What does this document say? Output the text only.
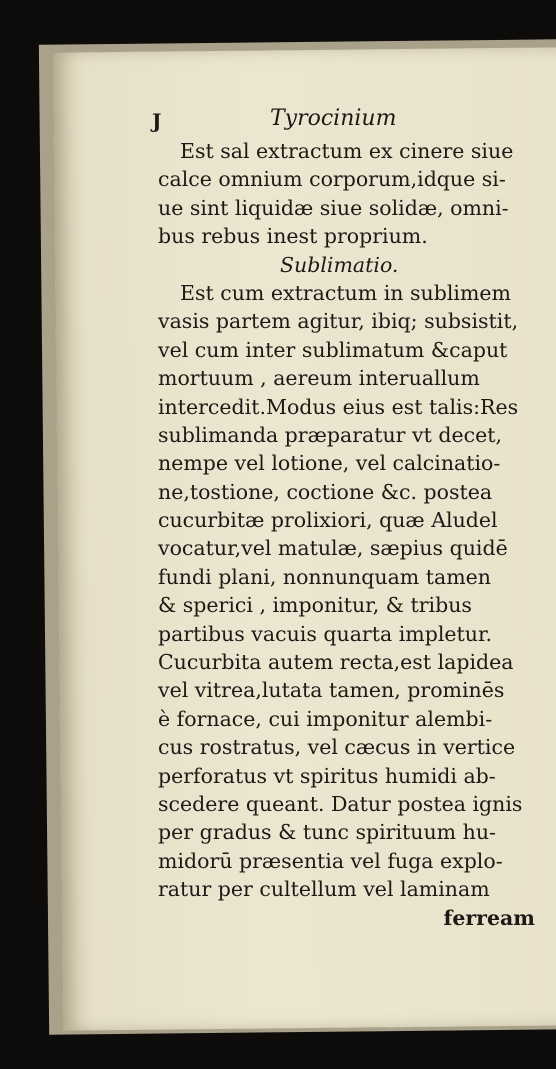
J	Tyrocinium
Est sal extractum ex cinere siue
calce omnium corporum,idque si-
ue sint liquidæ siue solidæ, omni-
bus rebus inest proprium.
Sublimatio.
Est cum extractum in sublimem
vasis partem agitur, ibiq; subsistit,
vel cum inter sublimatum &caput
mortuum , aereum interuallum
intercedit.Modus eius est talis:Res
sublimanda præparatur vt decet,
nempe vel lotione, vel calcinatio-
ne,tostione, coctione &c. postea
cucurbitæ prolixiori, quæ Aludel
vocatur,vel matulæ, sæpius quidē
fundi plani, nonnunquam tamen
& sperici , imponitur, & tribus
partibus vacuis quarta impletur.
Cucurbita autem recta,est lapidea
vel vitrea,lutata tamen, prominēs
è fornace, cui imponitur alembi-
cus rostratus, vel cæcus in vertice
perforatus vt spiritus humidi ab-
scedere queant. Datur postea ignis
per gradus & tunc spirituum hu-
midorū præsentia vel fuga explo-
ratur per cultellum vel laminam
ferream
